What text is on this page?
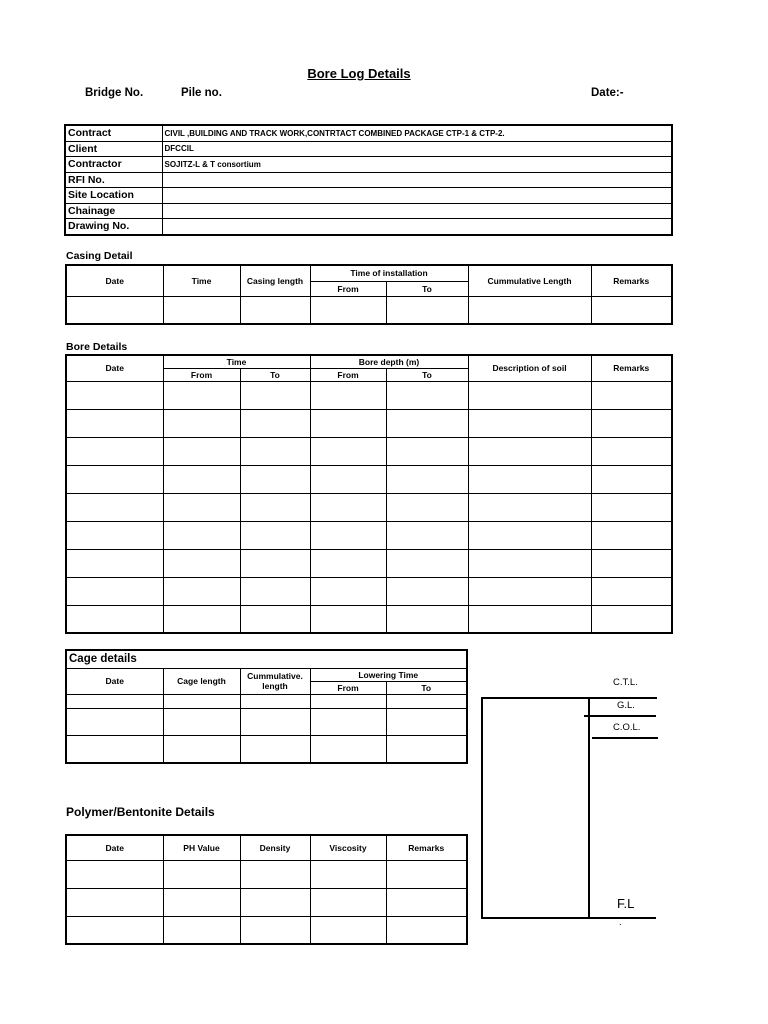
Bore Log Details
Bridge No.	Pile no.	Date:-
Contract	CIVIL ,BUILDING AND TRACK WORK,CONTRTACT COMBINED PACKAGE CTP-1 & CTP-2.
Client	DFCCIL
Contractor	SOJITZ-L & T consortium
RFI No.	
Site Location	
Chainage	
Drawing No.	
Casing Detail
Date	Time	Casing length	Time of installation		Cummulative Length	Remarks
			From	To		

Bore Details
Date	Time		Bore depth (m)		Description of soil	Remarks
	From	To	From	To		

Cage details				
Date	Cage length	Cummulative. length	Lowering Time	
			From	To

Polymer/Bentonite Details
Date	PH Value	Density	Viscosity	Remarks

C.T.L.
G.L.
C.O.L.
F.L
.
